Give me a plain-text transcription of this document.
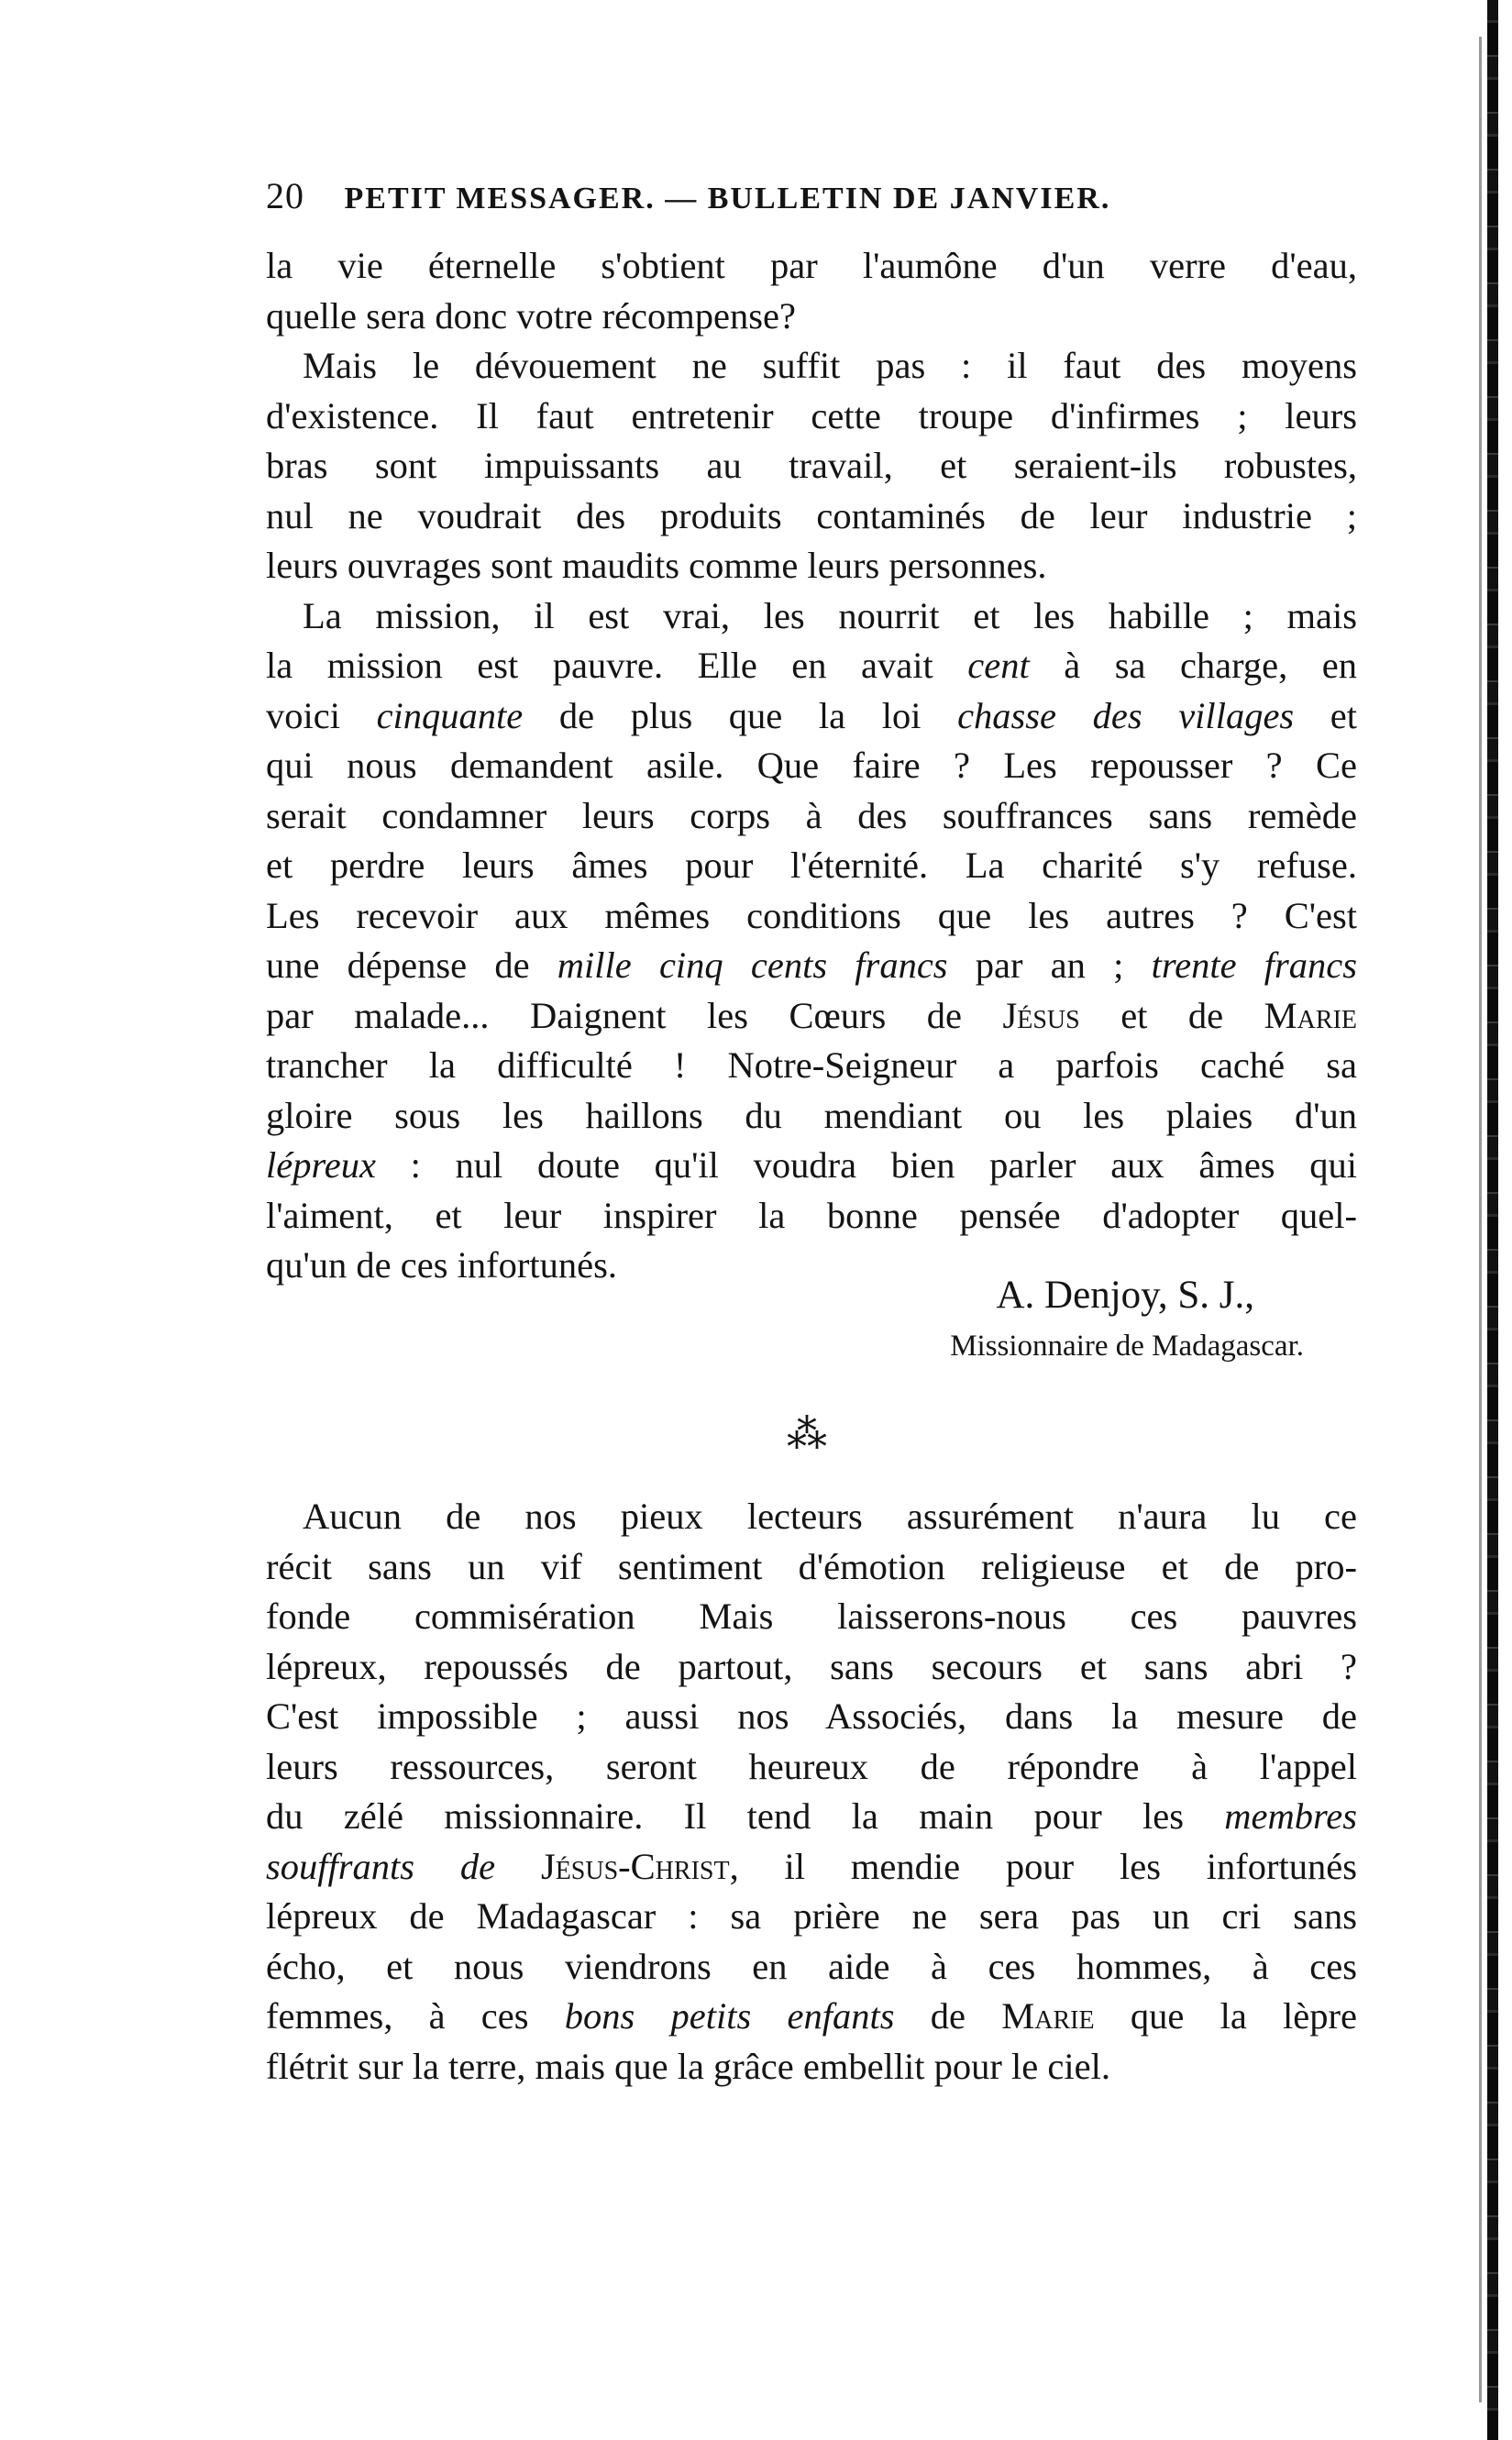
20 PETIT MESSAGER. — BULLETIN DE JANVIER.
la vie éternelle s'obtient par l'aumône d'un verre d'eau,
quelle sera donc votre récompense?
Mais le dévouement ne suffit pas : il faut des moyens
d'existence. Il faut entretenir cette troupe d'infirmes ; leurs
bras sont impuissants au travail, et seraient-ils robustes,
nul ne voudrait des produits contaminés de leur industrie ;
leurs ouvrages sont maudits comme leurs personnes.
La mission, il est vrai, les nourrit et les habille ; mais
la mission est pauvre. Elle en avait cent à sa charge, en
voici cinquante de plus que la loi chasse des villages et
qui nous demandent asile. Que faire ? Les repousser ? Ce
serait condamner leurs corps à des souffrances sans remède
et perdre leurs âmes pour l'éternité. La charité s'y refuse.
Les recevoir aux mêmes conditions que les autres ? C'est
une dépense de mille cinq cents francs par an ; trente francs
par malade... Daignent les Cœurs de Jésus et de Marie
trancher la difficulté ! Notre-Seigneur a parfois caché sa
gloire sous les haillons du mendiant ou les plaies d'un
lépreux : nul doute qu'il voudra bien parler aux âmes qui
l'aiment, et leur inspirer la bonne pensée d'adopter quel-
qu'un de ces infortunés.
A. Denjoy, S. J.,
Missionnaire de Madagascar.
⁂
Aucun de nos pieux lecteurs assurément n'aura lu ce
récit sans un vif sentiment d'émotion religieuse et de pro-
fonde commisération Mais laisserons-nous ces pauvres
lépreux, repoussés de partout, sans secours et sans abri ?
C'est impossible ; aussi nos Associés, dans la mesure de
leurs ressources, seront heureux de répondre à l'appel
du zélé missionnaire. Il tend la main pour les membres
souffrants de Jésus-Christ, il mendie pour les infortunés
lépreux de Madagascar : sa prière ne sera pas un cri sans
écho, et nous viendrons en aide à ces hommes, à ces
femmes, à ces bons petits enfants de Marie que la lèpre
flétrit sur la terre, mais que la grâce embellit pour le ciel.
